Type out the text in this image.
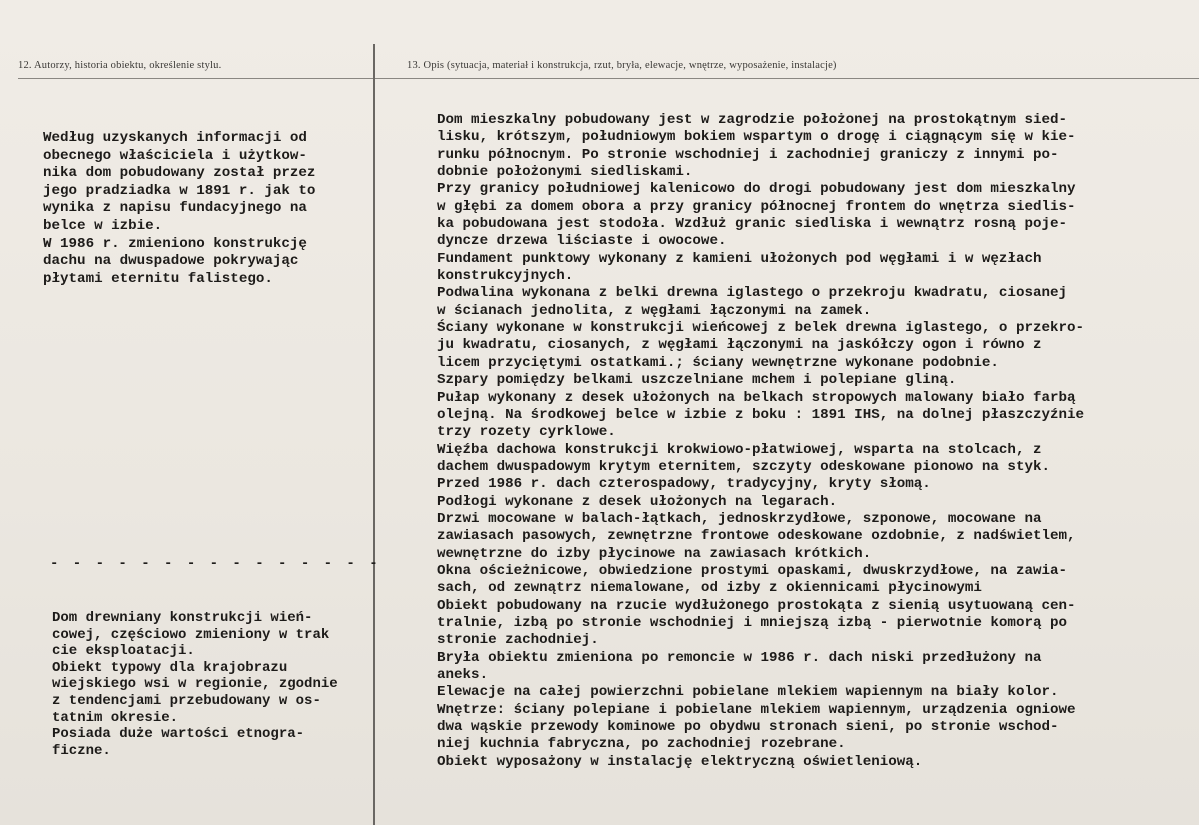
12. Autorzy, historia obiektu, określenie stylu.	13. Opis (sytuacja, materiał i konstrukcja, rzut, bryła, elewacje, wnętrze, wyposażenie, instalacje)
Według uzyskanych informacji od
obecnego właściciela i użytkow-
nika dom pobudowany został przez
jego pradziadka w 1891 r. jak to
wynika z napisu fundacyjnego na
belce w izbie.
W 1986 r. zmieniono konstrukcję
dachu na dwuspadowe pokrywając
płytami eternitu falistego.
- - - - - - - - - - - - - - -
Dom drewniany konstrukcji wień-
cowej, częściowo zmieniony w trak
cie eksploatacji.
Obiekt typowy dla krajobrazu
wiejskiego wsi w regionie, zgodnie
z tendencjami przebudowany w os-
tatnim okresie.
Posiada duże wartości etnogra-
ficzne.
Dom mieszkalny pobudowany jest w zagrodzie położonej na prostokątnym sied-
lisku, krótszym, południowym bokiem wspartym o drogę i ciągnącym się w kie-
runku północnym. Po stronie wschodniej i zachodniej graniczy z innymi po-
dobnie położonymi siedliskami.
Przy granicy południowej kalenicowo do drogi pobudowany jest dom mieszkalny
w głębi za domem obora a przy granicy północnej frontem do wnętrza siedlis-
ka pobudowana jest stodoła. Wzdłuż granic siedliska i wewnątrz rosną poje-
dyncze drzewa liściaste i owocowe.
Fundament punktowy wykonany z kamieni ułożonych pod węgłami i w węzłach
konstrukcyjnych.
Podwalina wykonana z belki drewna iglastego o przekroju kwadratu, ciosanej
w ścianach jednolita, z węgłami łączonymi na zamek.
Ściany wykonane w konstrukcji wieńcowej z belek drewna iglastego, o przekro-
ju kwadratu, ciosanych, z węgłami łączonymi na jaskółczy ogon i równo z
licem przyciętymi ostatkami.; ściany wewnętrzne wykonane podobnie.
Szpary pomiędzy belkami uszczelniane mchem i polepiane gliną.
Pułap wykonany z desek ułożonych na belkach stropowych malowany biało farbą
olejną. Na środkowej belce w izbie z boku : 1891 IHS, na dolnej płaszczyźnie
trzy rozety cyrklowe.
Więźba dachowa konstrukcji krokwiowo-płatwiowej, wsparta na stolcach, z
dachem dwuspadowym krytym eternitem, szczyty odeskowane pionowo na styk.
Przed 1986 r. dach czterospadowy, tradycyjny, kryty słomą.
Podłogi wykonane z desek ułożonych na legarach.
Drzwi mocowane w balach-łątkach, jednoskrzydłowe, szponowe, mocowane na
zawiasach pasowych, zewnętrzne frontowe odeskowane ozdobnie, z nadświetlem,
wewnętrzne do izby płycinowe na zawiasach krótkich.
Okna ościeżnicowe, obwiedzione prostymi opaskami, dwuskrzydłowe, na zawia-
sach, od zewnątrz niemalowane, od izby z okiennicami płycinowymi
Obiekt pobudowany na rzucie wydłużonego prostokąta z sienią usytuowaną cen-
tralnie, izbą po stronie wschodniej i mniejszą izbą - pierwotnie komorą po
stronie zachodniej.
Bryła obiektu zmieniona po remoncie w 1986 r. dach niski przedłużony na
aneks.
Elewacje na całej powierzchni pobielane mlekiem wapiennym na biały kolor.
Wnętrze: ściany polepiane i pobielane mlekiem wapiennym, urządzenia ogniowe
dwa wąskie przewody kominowe po obydwu stronach sieni, po stronie wschod-
niej kuchnia fabryczna, po zachodniej rozebrane.
Obiekt wyposażony w instalację elektryczną oświetleniową.
